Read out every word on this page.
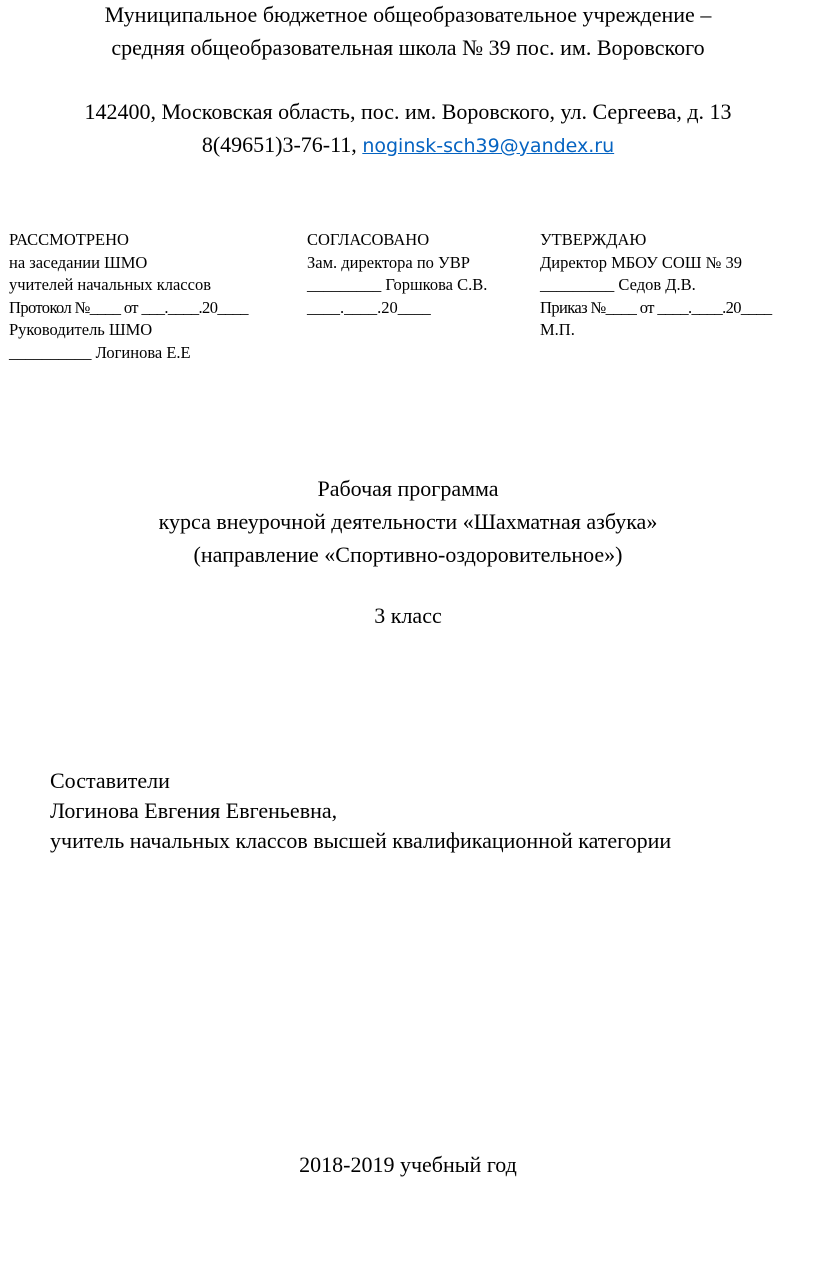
Муниципальное бюджетное общеобразовательное учреждение –
средняя общеобразовательная школа № 39 пос. им. Воровского
142400, Московская область, пос. им. Воровского, ул. Сергеева, д. 13
8(49651)3-76-11, noginsk-sch39@yandex.ru
РАССМОТРЕНО
на заседании ШМО
учителей начальных классов
Протокол №____ от ___.____.20____
Руководитель ШМО
__________ Логинова Е.Е
СОГЛАСОВАНО
Зам. директора по УВР
_________ Горшкова С.В.
____.____.20____
УТВЕРЖДАЮ
Директор МБОУ СОШ № 39
_________ Седов Д.В.
Приказ №____ от ____.____.20____
М.П.
Рабочая программа
курса внеурочной деятельности «Шахматная азбука»
(направление «Спортивно-оздоровительное»)
3 класс
Составители
Логинова Евгения Евгеньевна,
учитель начальных классов высшей квалификационной категории
2018-2019 учебный год
